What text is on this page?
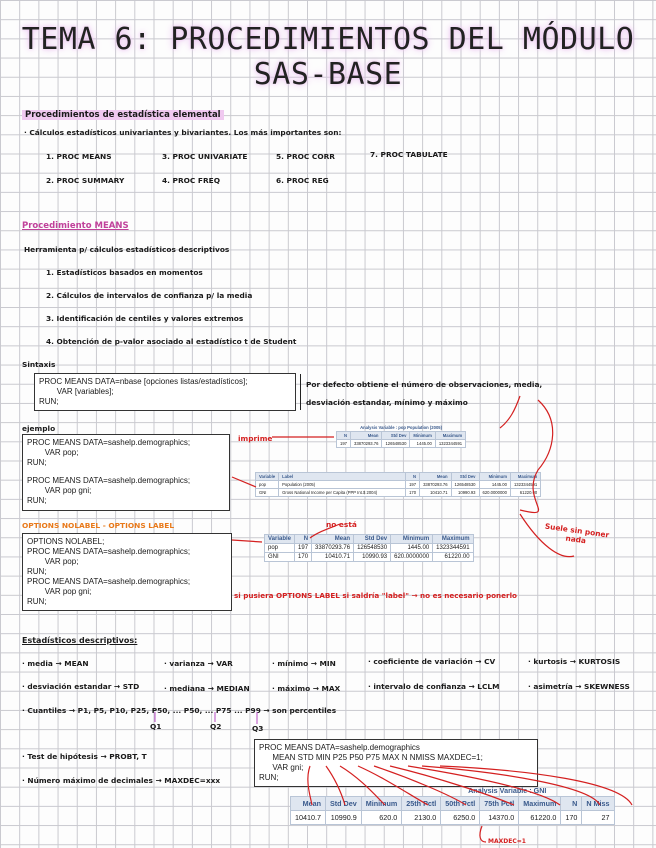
TEMA 6: PROCEDIMIENTOS DEL MÓDULO SAS-BASE
Procedimientos de estadística elemental
· Cálculos estadísticos univariantes y bivariantes. Los más importantes son:
1. PROC MEANS
2. PROC SUMMARY
3. PROC UNIVARIATE
4. PROC FREQ
5. PROC CORR
6. PROC REG
7. PROC TABULATE
Procedimiento MEANS
Herramienta p/ cálculos estadísticos descriptivos
1. Estadísticos basados en momentos
2. Cálculos de intervalos de confianza p/ la media
3. Identificación de centiles y valores extremos
4. Obtención de p-valor asociado al estadístico t de Student
Sintaxis
PROC MEANS DATA=nbase [opciones listas/estadísticos];
VAR [variables];
RUN;
Por defecto obtiene el número de observaciones, media,
desviación estandar, mínimo y máximo
ejemplo
PROC MEANS DATA=sashelp.demographics;
VAR pop;
RUN;
PROC MEANS DATA=sashelp.demographics;
VAR pop gni;
RUN;
imprime
Analysis Variable : pop Population (2005)
N	Mean	Std Dev	Minimum	Maximum
197	33870293.76	126548530	1445.00	1323344591
Variable	Label	N	Mean	Std Dev	Minimum	Maximum
pop	Population (2005)	197	33870293.76	126548530	1445.00	1323344591
GNI	Gross National Income per Capita (PPP Int.$ 2004)	170	10410.71	10990.93	620.0000000	61220.00
OPTIONS NOLABEL - OPTIONS LABEL
OPTIONS NOLABEL;
PROC MEANS DATA=sashelp.demographics;
VAR pop;
RUN;
PROC MEANS DATA=sashelp.demographics;
VAR pop gni;
RUN;
no está	Suele sin poner
nada
Variable	N	Mean	Std Dev	Minimum	Maximum
pop	197	33870293.76	126548530	1445.00	1323344591
GNI	170	10410.71	10990.93	620.0000000	61220.00
si pusiera OPTIONS LABEL si saldría "label" → no es necesario ponerlo
Estadísticos descriptivos:
· media → MEAN	· varianza → VAR	· mínimo → MIN	· coeficiente de variación → CV	· kurtosis → KURTOSIS
· desviación estandar → STD	· mediana → MEDIAN	· máximo → MAX	· intervalo de confianza → LCLM	· asimetría → SKEWNESS
· Cuantiles → P1, P5, P10, P25, P50, ... P50, ... P75 ... P99 → son percentiles
Q1	Q2	Q3
· Test de hipótesis → PROBT, T
· Número máximo de decimales → MAXDEC=xxx
PROC MEANS DATA=sashelp.demographics
MEAN STD MIN P25 P50 P75 MAX N NMISS MAXDEC=1;
VAR gni;
RUN;
Analysis Variable : GNI
Mean	Std Dev	Minimum	25th Pctl	50th Pctl	75th Pctl	Maximum	N	N Miss
10410.7	10990.9	620.0	2130.0	6250.0	14370.0	61220.0	170	27
MAXDEC=1
